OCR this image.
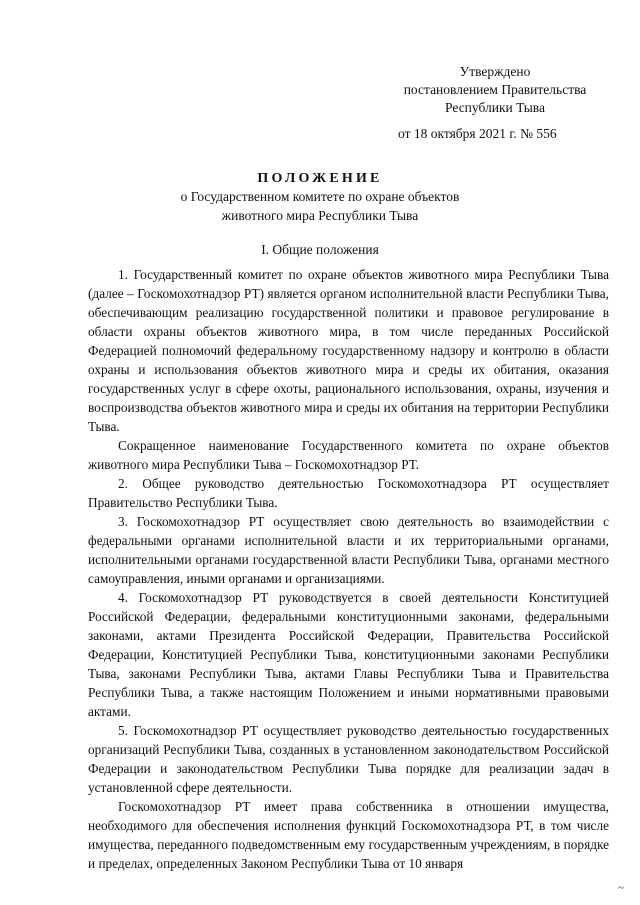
Утверждено
постановлением Правительства
Республики Тыва
от 18 октября 2021 г. № 556
ПОЛОЖЕНИЕ
о Государственном комитете по охране объектов
животного мира Республики Тыва
I. Общие положения

1. Государственный комитет по охране объектов животного мира Республики Тыва (далее – Госкомохотнадзор РТ) является органом исполнительной власти Республики Тыва, обеспечивающим реализацию государственной политики и правовое регулирование в области охраны объектов животного мира, в том числе переданных Российской Федерацией полномочий федеральному государственному надзору и контролю в области охраны и использования объектов животного мира и среды их обитания, оказания государственных услуг в сфере охоты, рационального использования, охраны, изучения и воспроизводства объектов животного мира и среды их обитания на территории Республики Тыва.

Сокращенное наименование Государственного комитета по охране объектов животного мира Республики Тыва – Госкомохотнадзор РТ.

2. Общее руководство деятельностью Госкомохотнадзора РТ осуществляет Правительство Республики Тыва.

3. Госкомохотнадзор РТ осуществляет свою деятельность во взаимодействии с федеральными органами исполнительной власти и их территориальными органами, исполнительными органами государственной власти Республики Тыва, органами местного самоуправления, иными органами и организациями.

4. Госкомохотнадзор РТ руководствуется в своей деятельности Конституцией Российской Федерации, федеральными конституционными законами, федеральными законами, актами Президента Российской Федерации, Правительства Российской Федерации, Конституцией Республики Тыва, конституционными законами Республики Тыва, законами Республики Тыва, актами Главы Республики Тыва и Правительства Республики Тыва, а также настоящим Положением и иными нормативными правовыми актами.

5. Госкомохотнадзор РТ осуществляет руководство деятельностью государственных организаций Республики Тыва, созданных в установленном законодательством Российской Федерации и законодательством Республики Тыва порядке для реализации задач в установленной сфере деятельности.

Госкомохотнадзор РТ имеет права собственника в отношении имущества, необходимого для обеспечения исполнения функций Госкомохотнадзора РТ, в том числе имущества, переданного подведомственным ему государственным учреждениям, в порядке и пределах, определенных Законом Республики Тыва от 10 января

~
